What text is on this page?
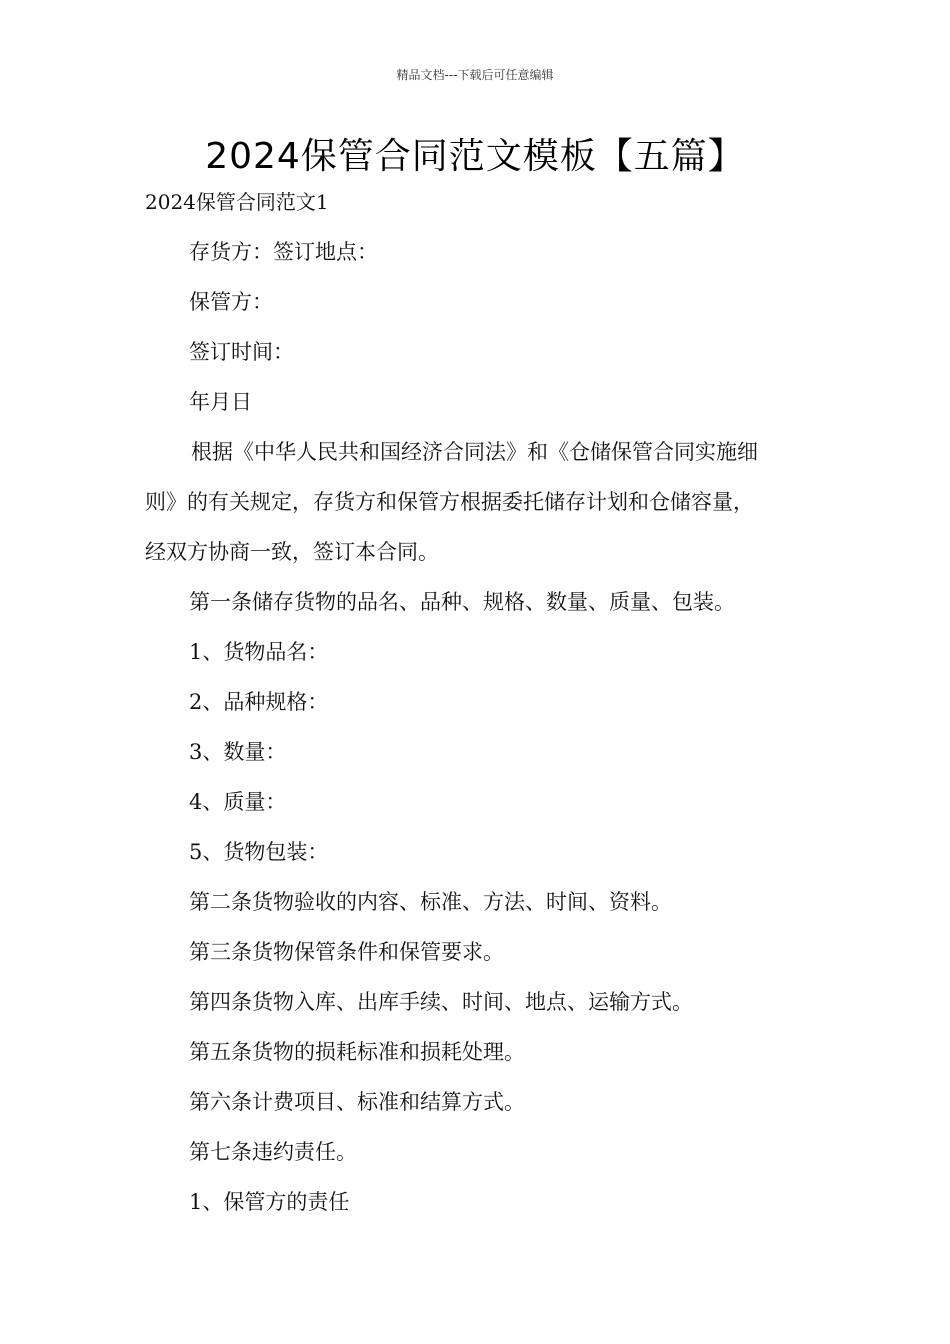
精品文档---下载后可任意编辑
2024保管合同范文模板【五篇】
2024保管合同范文1
存货方：签订地点：
保管方：
签订时间：
年月日
根据《中华人民共和国经济合同法》和《仓储保管合同实施细
则》的有关规定，存货方和保管方根据委托储存计划和仓储容量，
经双方协商一致，签订本合同。
第一条储存货物的品名、品种、规格、数量、质量、包装。
1、货物品名：
2、品种规格：
3、数量：
4、质量：
5、货物包装：
第二条货物验收的内容、标准、方法、时间、资料。
第三条货物保管条件和保管要求。
第四条货物入库、出库手续、时间、地点、运输方式。
第五条货物的损耗标准和损耗处理。
第六条计费项目、标准和结算方式。
第七条违约责任。
1、保管方的责任
